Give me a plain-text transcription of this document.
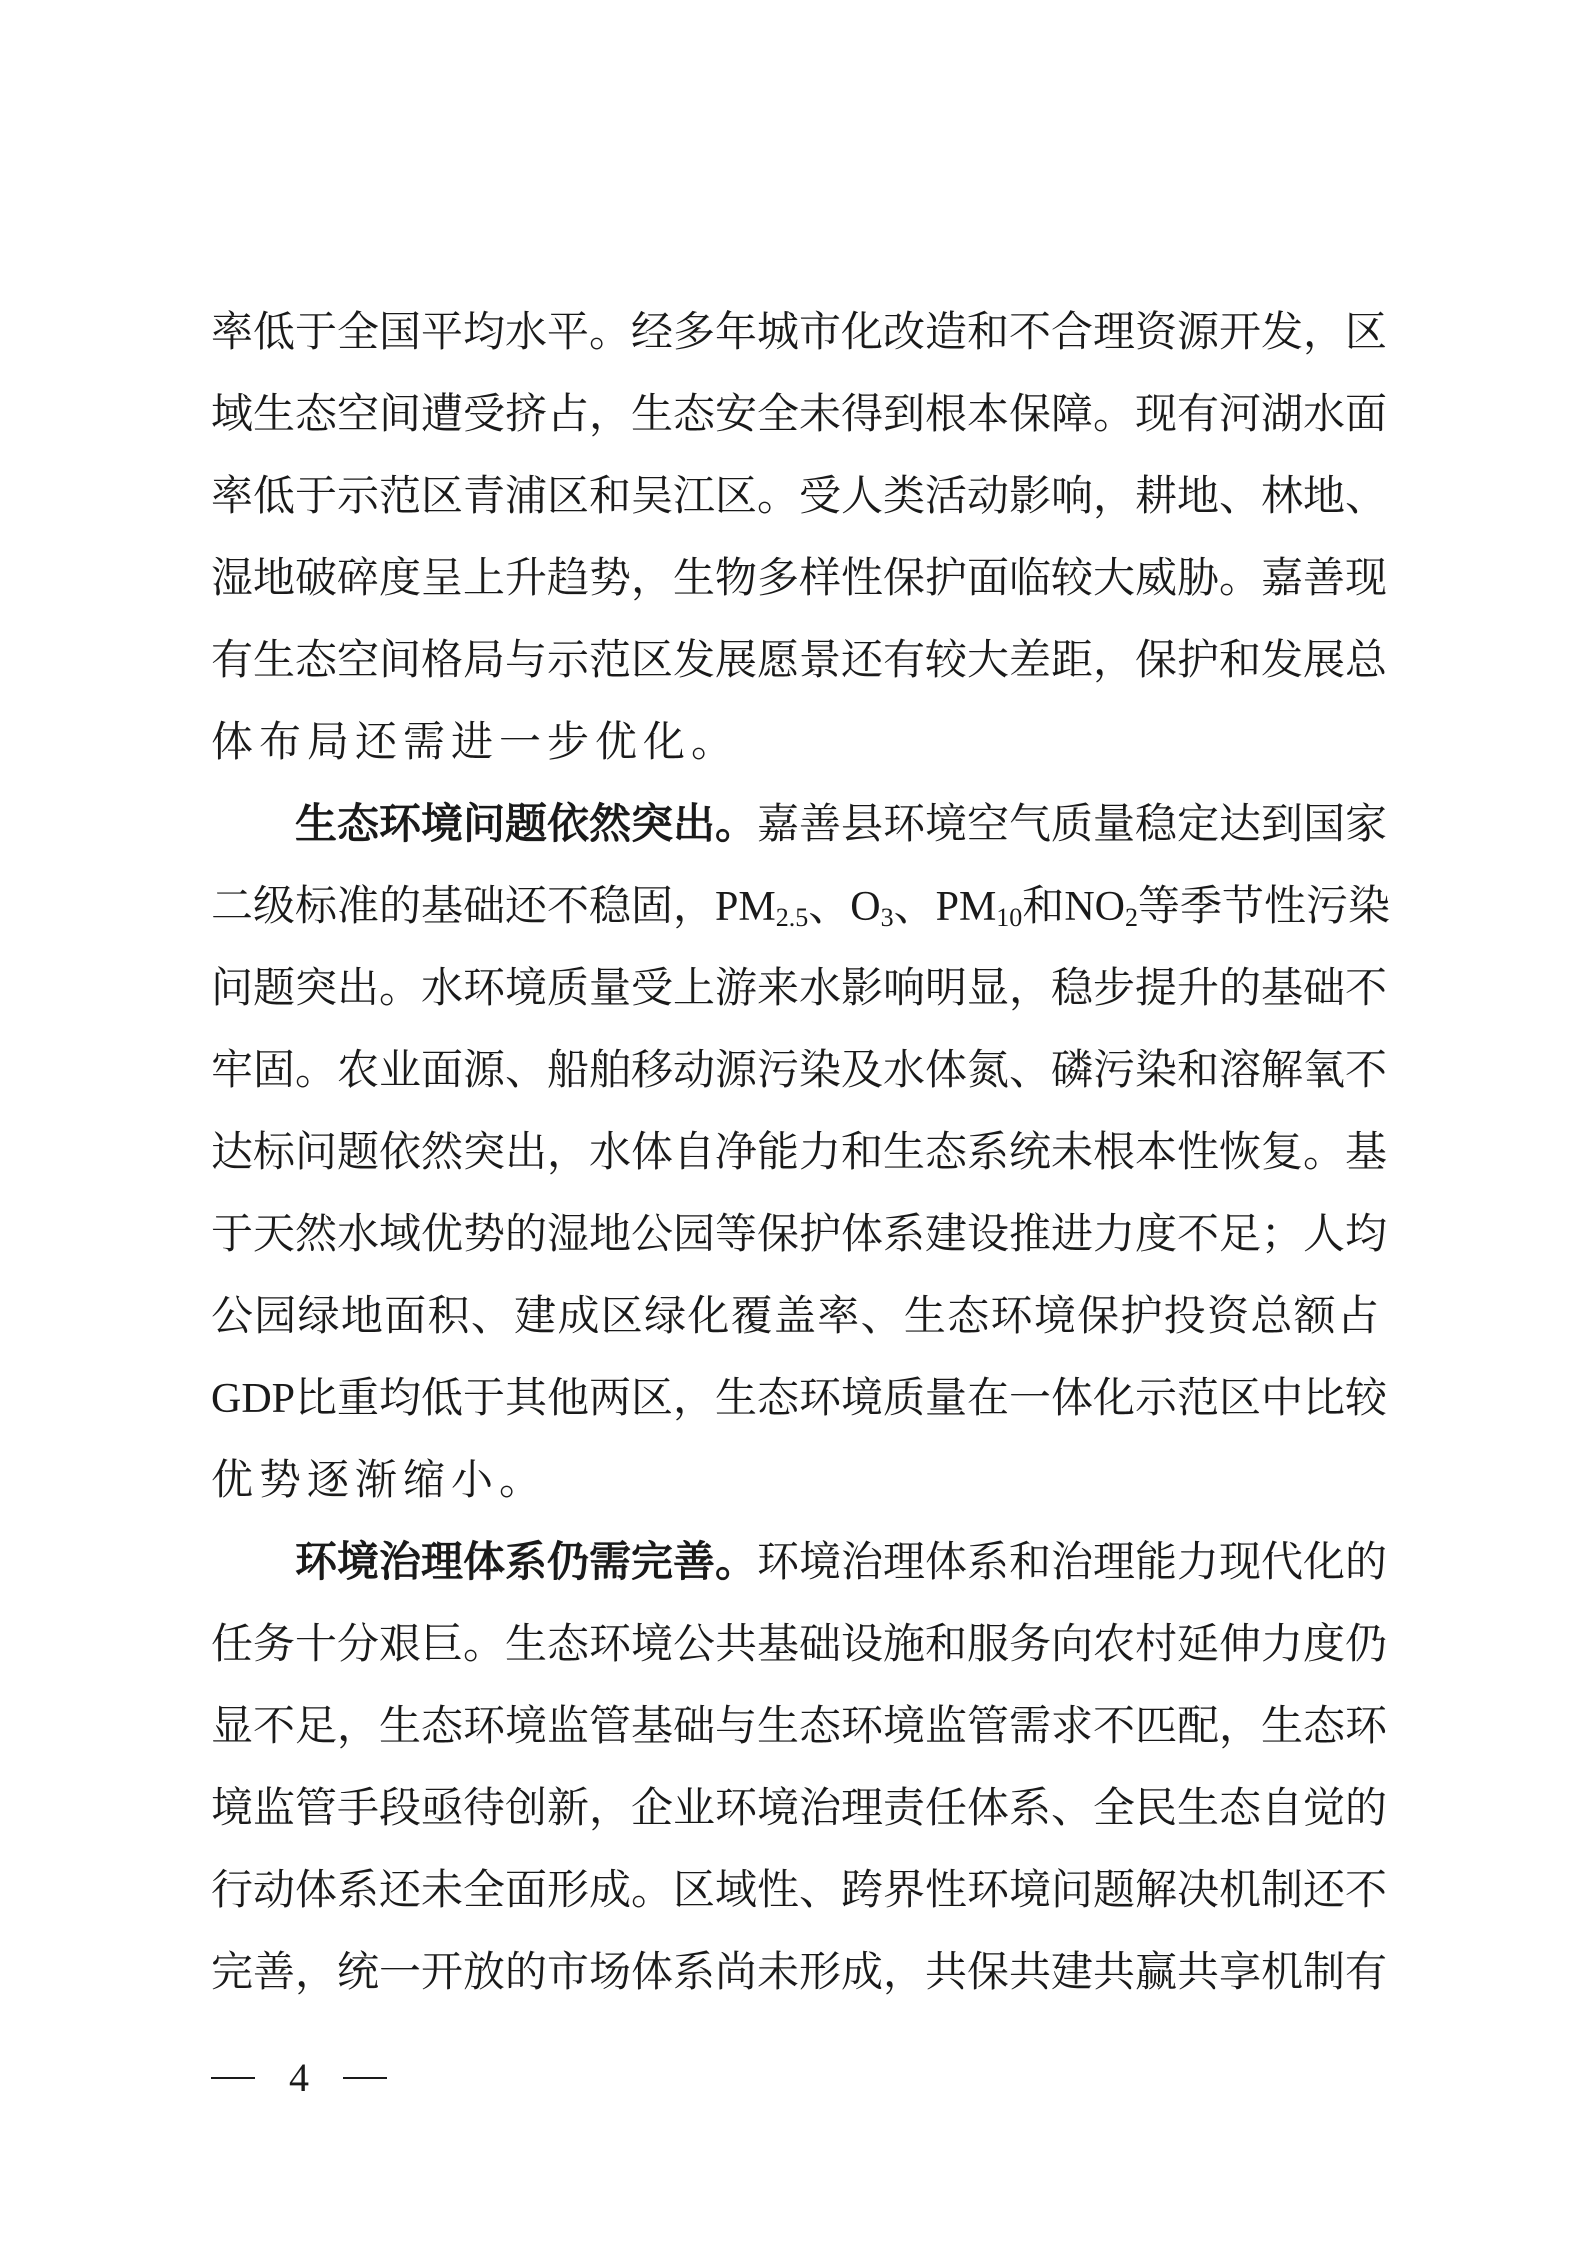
率低于全国平均水平。经多年城市化改造和不合理资源开发，区
域生态空间遭受挤占，生态安全未得到根本保障。现有河湖水面
率低于示范区青浦区和吴江区。受人类活动影响，耕地、林地、
湿地破碎度呈上升趋势，生物多样性保护面临较大威胁。嘉善现
有生态空间格局与示范区发展愿景还有较大差距，保护和发展总
体布局还需进一步优化。
生态环境问题依然突出。嘉善县环境空气质量稳定达到国家
二级标准的基础还不稳固，$PM_{2.5}$、$O_3$、$PM_{10}$和$NO_2$等季节性污染
问题突出。水环境质量受上游来水影响明显，稳步提升的基础不
牢固。农业面源、船舶移动源污染及水体氮、磷污染和溶解氧不
达标问题依然突出，水体自净能力和生态系统未根本性恢复。基
于天然水域优势的湿地公园等保护体系建设推进力度不足；人均
公园绿地面积、建成区绿化覆盖率、生态环境保护投资总额占
GDP比重均低于其他两区，生态环境质量在一体化示范区中比较
优势逐渐缩小。
环境治理体系仍需完善。环境治理体系和治理能力现代化的
任务十分艰巨。生态环境公共基础设施和服务向农村延伸力度仍
显不足，生态环境监管基础与生态环境监管需求不匹配，生态环
境监管手段亟待创新，企业环境治理责任体系、全民生态自觉的
行动体系还未全面形成。区域性、跨界性环境问题解决机制还不
完善，统一开放的市场体系尚未形成，共保共建共赢共享机制有
4
